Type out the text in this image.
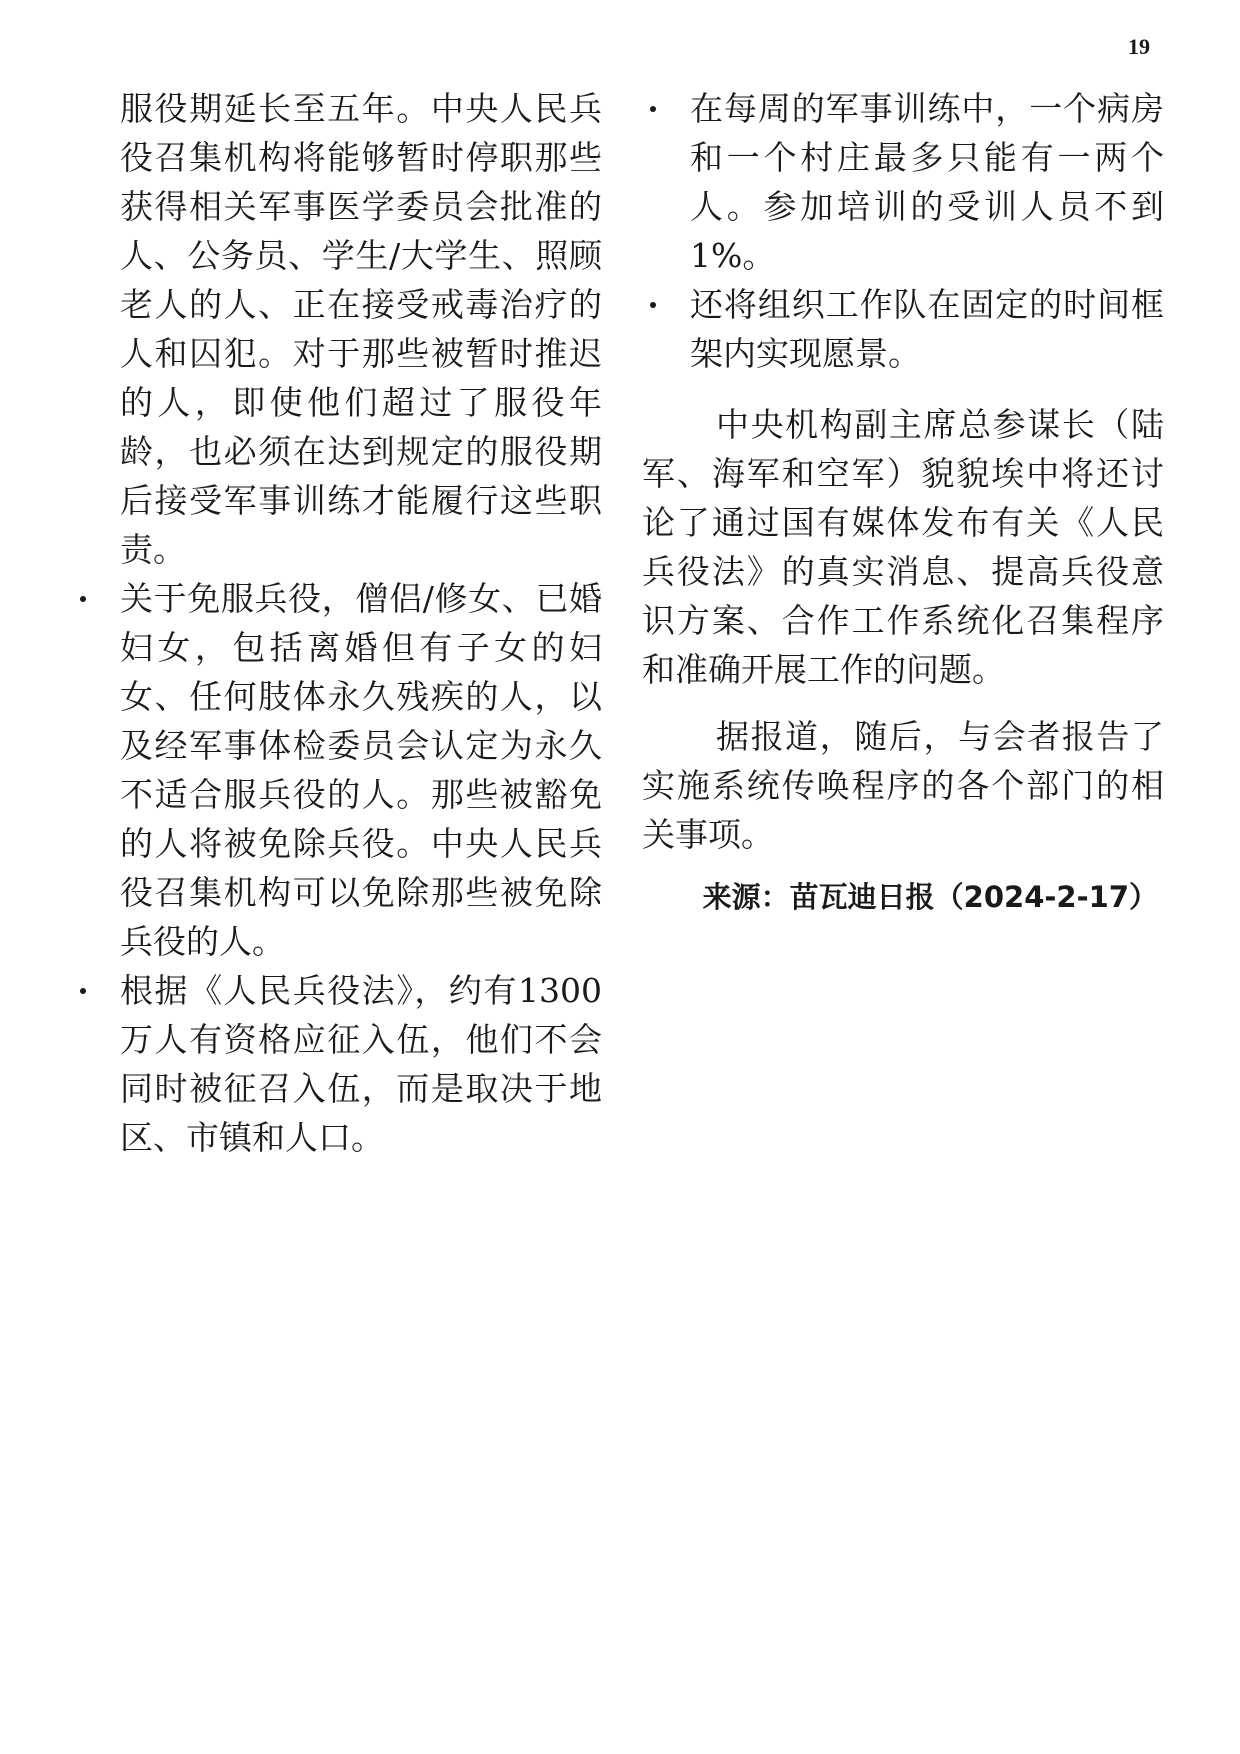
19

服役期延长至五年。中央人民兵役召集机构将能够暂时停职那些获得相关军事医学委员会批准的人、公务员、学生/大学生、照顾老人的人、正在接受戒毒治疗的人和囚犯。对于那些被暂时推迟的人，即使他们超过了服役年龄，也必须在达到规定的服役期后接受军事训练才能履行这些职责。

关于免服兵役，僧侣/修女、已婚妇女，包括离婚但有子女的妇女、任何肢体永久残疾的人，以及经军事体检委员会认定为永久不适合服兵役的人。那些被豁免的人将被免除兵役。中央人民兵役召集机构可以免除那些被免除兵役的人。
根据《人民兵役法》，约有1300万人有资格应征入伍，他们不会同时被征召入伍，而是取决于地区、市镇和人口。
在每周的军事训练中，一个病房和一个村庄最多只能有一两个人。参加培训的受训人员不到1%。
还将组织工作队在固定的时间框架内实现愿景。

中央机构副主席总参谋长（陆军、海军和空军）貌貌埃中将还讨论了通过国有媒体发布有关《人民兵役法》的真实消息、提高兵役意识方案、合作工作系统化召集程序和准确开展工作的问题。

据报道，随后，与会者报告了实施系统传唤程序的各个部门的相关事项。

来源：苗瓦迪日报（2024-2-17）
